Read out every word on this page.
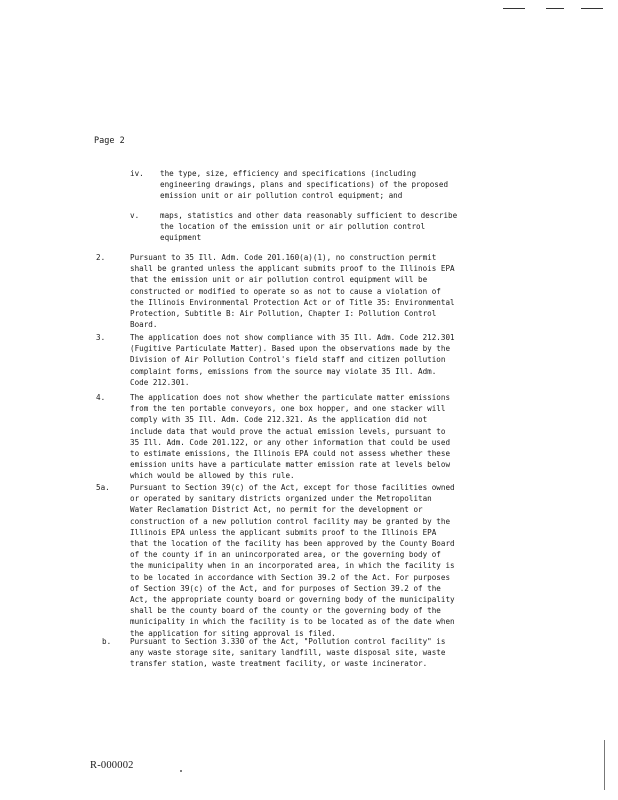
Page 2
iv. the type, size, efficiency and specifications (including
engineering drawings, plans and specifications) of the proposed
emission unit or air pollution control equipment; and
v.	maps, statistics and other data reasonably sufficient to describe
the location of the emission unit or air pollution control
equipment
2.	Pursuant to 35 Ill. Adm. Code 201.160(a)(1), no construction permit
shall be granted unless the applicant submits proof to the Illinois EPA
that the emission unit or air pollution control equipment will be
constructed or modified to operate so as not to cause a violation of
the Illinois Environmental Protection Act or of Title 35: Environmental
Protection, Subtitle B: Air Pollution, Chapter I: Pollution Control
Board.
3.	The application does not show compliance with 35 Ill. Adm. Code 212.301
(Fugitive Particulate Matter). Based upon the observations made by the
Division of Air Pollution Control's field staff and citizen pollution
complaint forms, emissions from the source may violate 35 Ill. Adm.
Code 212.301.
4.	The application does not show whether the particulate matter emissions
from the ten portable conveyors, one box hopper, and one stacker will
comply with 35 Ill. Adm. Code 212.321. As the application did not
include data that would prove the actual emission levels, pursuant to
35 Ill. Adm. Code 201.122, or any other information that could be used
to estimate emissions, the Illinois EPA could not assess whether these
emission units have a particulate matter emission rate at levels below
which would be allowed by this rule.
5a.	Pursuant to Section 39(c) of the Act, except for those facilities owned
or operated by sanitary districts organized under the Metropolitan
Water Reclamation District Act, no permit for the development or
construction of a new pollution control facility may be granted by the
Illinois EPA unless the applicant submits proof to the Illinois EPA
that the location of the facility has been approved by the County Board
of the county if in an unincorporated area, or the governing body of
the municipality when in an incorporated area, in which the facility is
to be located in accordance with Section 39.2 of the Act. For purposes
of Section 39(c) of the Act, and for purposes of Section 39.2 of the
Act, the appropriate county board or governing body of the municipality
shall be the county board of the county or the governing body of the
municipality in which the facility is to be located as of the date when
the application for siting approval is filed.
b. Pursuant to Section 3.330 of the Act, "Pollution control facility" is
any waste storage site, sanitary landfill, waste disposal site, waste
transfer station, waste treatment facility, or waste incinerator.
R-000002
